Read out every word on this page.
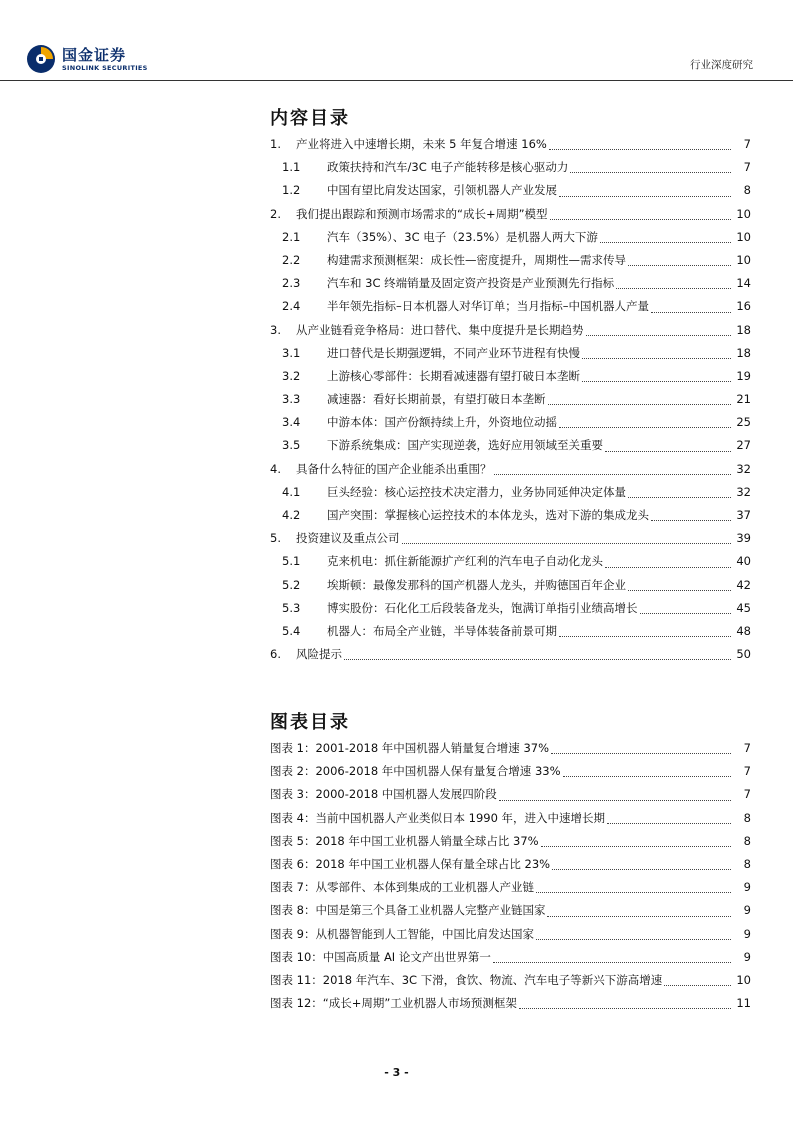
国金证券
SINOLINK SECURITIES	行业深度研究
内容目录
1. 产业将进入中速增长期，未来 5 年复合增速 16%	7
1.1 政策扶持和汽车/3C 电子产能转移是核心驱动力	7
1.2 中国有望比肩发达国家，引领机器人产业发展	8
2. 我们提出跟踪和预测市场需求的“成长+周期”模型	10
2.1 汽车（35%）、3C 电子（23.5%）是机器人两大下游	10
2.2 构建需求预测框架：成长性—密度提升，周期性—需求传导	10
2.3 汽车和 3C 终端销量及固定资产投资是产业预测先行指标	14
2.4 半年领先指标–日本机器人对华订单；当月指标–中国机器人产量	16
3. 从产业链看竞争格局：进口替代、集中度提升是长期趋势	18
3.1 进口替代是长期强逻辑，不同产业环节进程有快慢	18
3.2 上游核心零部件：长期看减速器有望打破日本垄断	19
3.3 减速器：看好长期前景，有望打破日本垄断	21
3.4 中游本体：国产份额持续上升，外资地位动摇	25
3.5 下游系统集成：国产实现逆袭，选好应用领域至关重要	27
4. 具备什么特征的国产企业能杀出重围？	32
4.1 巨头经验：核心运控技术决定潜力，业务协同延伸决定体量	32
4.2 国产突围：掌握核心运控技术的本体龙头，选对下游的集成龙头	37
5. 投资建议及重点公司	39
5.1 克来机电：抓住新能源扩产红利的汽车电子自动化龙头	40
5.2 埃斯顿：最像发那科的国产机器人龙头，并购德国百年企业	42
5.3 博实股份：石化化工后段装备龙头，饱满订单指引业绩高增长	45
5.4 机器人：布局全产业链，半导体装备前景可期	48
6. 风险提示	50
图表目录
图表 1：2001-2018 年中国机器人销量复合增速 37%	7
图表 2：2006-2018 年中国机器人保有量复合增速 33%	7
图表 3：2000-2018 中国机器人发展四阶段	7
图表 4：当前中国机器人产业类似日本 1990 年，进入中速增长期	8
图表 5：2018 年中国工业机器人销量全球占比 37%	8
图表 6：2018 年中国工业机器人保有量全球占比 23%	8
图表 7：从零部件、本体到集成的工业机器人产业链	9
图表 8：中国是第三个具备工业机器人完整产业链国家	9
图表 9：从机器智能到人工智能，中国比肩发达国家	9
图表 10：中国高质量 AI 论文产出世界第一	9
图表 11：2018 年汽车、3C 下滑，食饮、物流、汽车电子等新兴下游高增速	10
图表 12：“成长+周期”工业机器人市场预测框架	11
- 3 -
